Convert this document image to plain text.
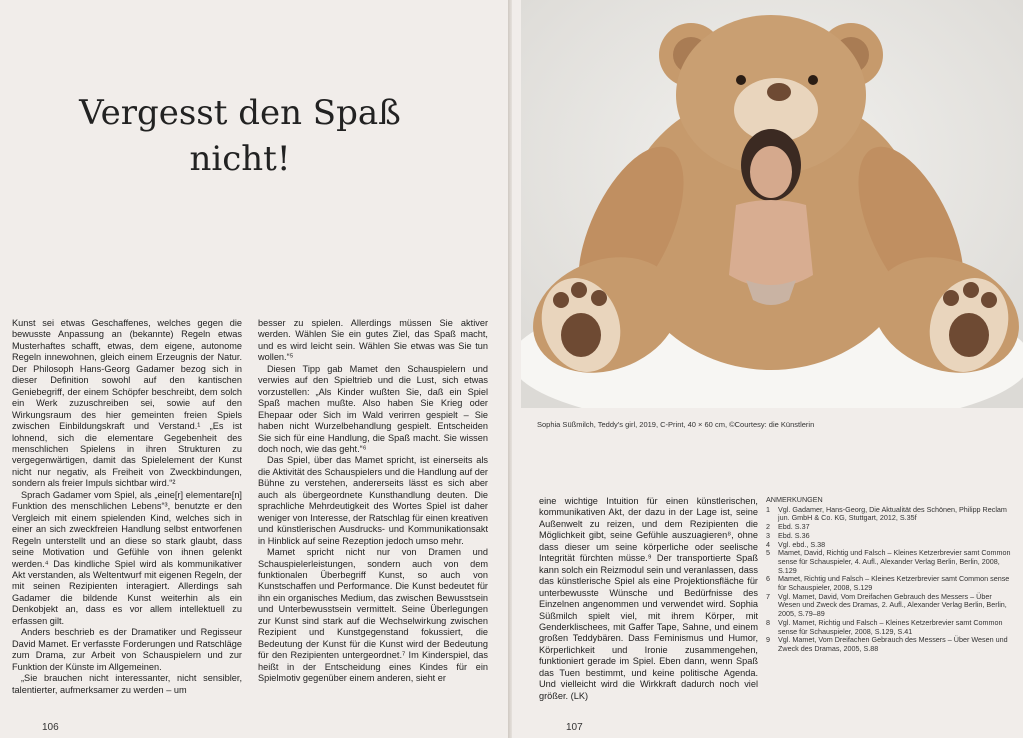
Vergesst den Spaß
nicht!

Kunst sei etwas Geschaffenes, welches gegen die bewusste Anpassung an (bekannte) Regeln etwas Musterhaftes schafft, etwas, dem eigene, autonome Regeln innewohnen, gleich einem Erzeugnis der Natur. Der Philosoph Hans-Georg Gadamer bezog sich in dieser Definition sowohl auf den kantischen Geniebegriff, der einem Schöpfer beschreibt, dem solch ein Werk zuzuschreiben sei, sowie auf den Wirkungsraum des hier gemeinten freien Spiels zwischen Einbildungskraft und Verstand.¹ „Es ist lohnend, sich die elementare Gegebenheit des menschlichen Spielens in ihren Strukturen zu vergegenwärtigen, damit das Spielelement der Kunst nicht nur negativ, als Freiheit von Zweckbindungen, sondern als freier Impuls sichtbar wird.“²

Sprach Gadamer vom Spiel, als „eine[r] elementare[n] Funktion des menschlichen Lebens“³, benutzte er den Vergleich mit einem spielenden Kind, welches sich in einer an sich zweckfreien Handlung selbst entworfenen Regeln unterstellt und an diese so stark glaubt, dass seine Motivation und Gefühle von ihnen gelenkt werden.⁴ Das kindliche Spiel wird als kommunikativer Akt verstanden, als Weltentwurf mit eigenen Regeln, der mit seinen Rezipienten interagiert. Allerdings sah Gadamer die bildende Kunst weiterhin als ein Denkobjekt an, dass es vor allem intellektuell zu erfassen gilt.

Anders beschrieb es der Dramatiker und Regisseur David Mamet. Er verfasste Forderungen und Ratschläge zum Drama, zur Arbeit von Schauspielern und zur Funktion der Künste im Allgemeinen.

„Sie brauchen nicht interessanter, nicht sensibler, talentierter, aufmerksamer zu werden – um

besser zu spielen. Allerdings müssen Sie aktiver werden. Wählen Sie ein gutes Ziel, das Spaß macht, und es wird leicht sein. Wählen Sie etwas was Sie tun wollen.“⁵

Diesen Tipp gab Mamet den Schauspielern und verwies auf den Spieltrieb und die Lust, sich etwas vorzustellen: „Als Kinder wußten Sie, daß ein Spiel Spaß machen mußte. Also haben Sie Krieg oder Ehepaar oder Sich im Wald verirren gespielt – Sie haben nicht Wurzelbehandlung gespielt. Entscheiden Sie sich für eine Handlung, die Spaß macht. Sie wissen doch noch, wie das geht.“⁶

Das Spiel, über das Mamet spricht, ist einerseits als die Aktivität des Schauspielers und die Handlung auf der Bühne zu verstehen, andererseits lässt es sich aber auch als übergeordnete Kunsthandlung deuten. Die sprachliche Mehrdeutigkeit des Wortes Spiel ist daher weniger von Interesse, der Ratschlag für einen kreativen und künstlerischen Ausdrucks- und Kommunikationsakt in Hinblick auf seine Rezeption jedoch umso mehr.

Mamet spricht nicht nur von Dramen und Schauspielerleistungen, sondern auch von dem funktionalen Überbegriff Kunst, so auch von Kunstschaffen und Performance. Die Kunst bedeutet für ihn ein organisches Medium, das zwischen Bewusstsein und Unterbewusstsein vermittelt. Seine Überlegungen zur Kunst sind stark auf die Wechselwirkung zwischen Rezipient und Kunstgegenstand fokussiert, die Bedeutung der Kunst für die Kunst wird der Bedeutung für den Rezipienten untergeordnet.⁷ Im Kinderspiel, das heißt in der Entscheidung eines Kindes für ein Spielmotiv gegenüber einem anderen, sieht er

106
Sophia Süßmilch, Teddy’s girl, 2019, C-Print, 40 × 60 cm, ©Courtesy: die Künstlerin

eine wichtige Intuition für einen künstlerischen, kommunikativen Akt, der dazu in der Lage ist, seine Außenwelt zu reizen, und dem Rezipienten die Möglichkeit gibt, seine Gefühle auszuagieren⁸, ohne dass dieser um seine körperliche oder seelische Integrität fürchten müsse.⁹ Der transportierte Spaß kann solch ein Reizmodul sein und veranlassen, dass das künstlerische Spiel als eine Projektionsfläche für unterbewusste Wünsche und Bedürfnisse des Einzelnen angenommen und verwendet wird. Sophia Süßmilch spielt viel, mit ihrem Körper, mit Genderklischees, mit Gaffer Tape, Sahne, und einem großen Teddybären. Dass Feminismus und Humor, Körperlichkeit und Ironie zusammengehen, funktioniert gerade im Spiel. Eben dann, wenn Spaß das Tuen bestimmt, und keine politische Agenda. Und vielleicht wird die Wirkkraft dadurch noch viel größer. (LK)

ANMERKUNGEN
1 Vgl. Gadamer, Hans-Georg, Die Aktualität des Schönen, Philipp Reclam jun. GmbH & Co. KG, Stuttgart, 2012, S.35f
2 Ebd. S.37
3 Ebd. S.36
4 Vgl. ebd., S.38
5 Mamet, David, Richtig und Falsch – Kleines Ketzerbrevier samt Common sense für Schauspieler, 4. Aufl., Alexander Verlag Berlin, Berlin, 2008, S.129
6 Mamet, Richtig und Falsch – Kleines Ketzerbrevier samt Common sense für Schauspieler, 2008, S.129
7 Vgl. Mamet, David, Vom Dreifachen Gebrauch des Messers – Über Wesen und Zweck des Dramas, 2. Aufl., Alexander Verlag Berlin, Berlin, 2005, S.79–89
8 Vgl. Mamet, Richtig und Falsch – Kleines Ketzerbrevier samt Common sense für Schauspieler, 2008, S.129, S.41
9 Vgl. Mamet, Vom Dreifachen Gebrauch des Messers – Über Wesen und Zweck des Dramas, 2005, S.88
107
